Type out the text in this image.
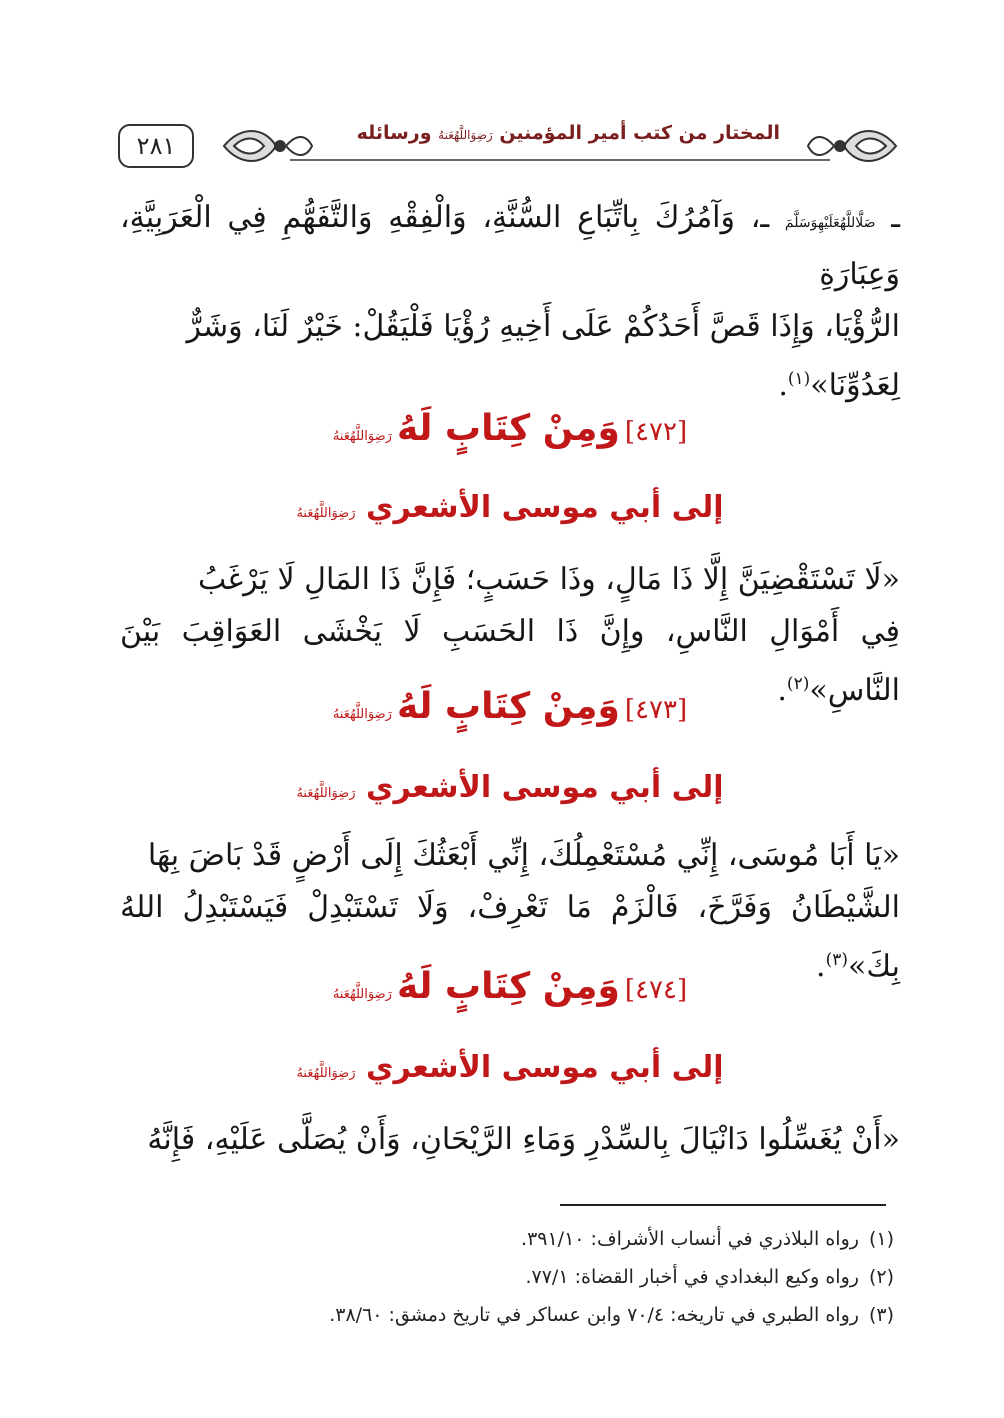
٢٨١	المختار من كتب أمير المؤمنين رَضِوَاللَّهُعَنهُ ورسائله
ـ صَلَّاللَّهُعَلَيْهِوَسَلَّمَ ـ، وَآمُرُكَ بِاتِّبَاعِ السُّنَّةِ، وَالْفِقْهِ وَالتَّفَهُّمِ فِي الْعَرَبِيَّةِ، وَعِبَارَةِ
الرُّؤْيَا، وَإِذَا قَصَّ أَحَدُكُمْ عَلَى أَخِيهِ رُؤْيَا فَلْيَقُلْ: خَيْرٌ لَنَا، وَشَرٌّ
لِعَدُوِّنَا»$^{(١)}$.
[٤٧٢] وَمِنْ كِتَابٍ لَهُ رَضِوَاللَّهُعَنهُ
إلى أبي موسى الأشعري رَضِوَاللَّهُعَنهُ
«لَا تَسْتَقْضِيَنَّ إِلَّا ذَا مَالٍ، وذَا حَسَبٍ؛ فَإِنَّ ذَا المَالِ لَا يَرْغَبُ
فِي أَمْوَالِ النَّاسِ، وإِنَّ ذَا الحَسَبِ لَا يَخْشَى العَوَاقِبَ بَيْنَ النَّاسِ»$^{(٢)}$.
[٤٧٣] وَمِنْ كِتَابٍ لَهُ رَضِوَاللَّهُعَنهُ
إلى أبي موسى الأشعري رَضِوَاللَّهُعَنهُ
«يَا أَبَا مُوسَى، إِنِّي مُسْتَعْمِلُكَ، إِنِّي أَبْعَثُكَ إِلَى أَرْضٍ قَدْ بَاضَ بِهَا
الشَّيْطَانُ وَفَرَّخَ، فَالْزَمْ مَا تَعْرِفْ، وَلَا تَسْتَبْدِلْ فَيَسْتَبْدِلُ اللهُ بِكَ»$^{(٣)}$.
[٤٧٤] وَمِنْ كِتَابٍ لَهُ رَضِوَاللَّهُعَنهُ
إلى أبي موسى الأشعري رَضِوَاللَّهُعَنهُ
«أَنْ يُغَسِّلُوا دَانْيَالَ بِالسِّدْرِ وَمَاءِ الرَّيْحَانِ، وَأَنْ يُصَلَّى عَلَيْهِ، فَإِنَّهُ
(١)رواه البلاذري في أنساب الأشراف: ٣٩١/١٠.
(٢)رواه وكيع البغدادي في أخبار القضاة: ٧٧/١.
(٣)رواه الطبري في تاريخه: ٧٠/٤ وابن عساكر في تاريخ دمشق: ٣٨/٦٠.
